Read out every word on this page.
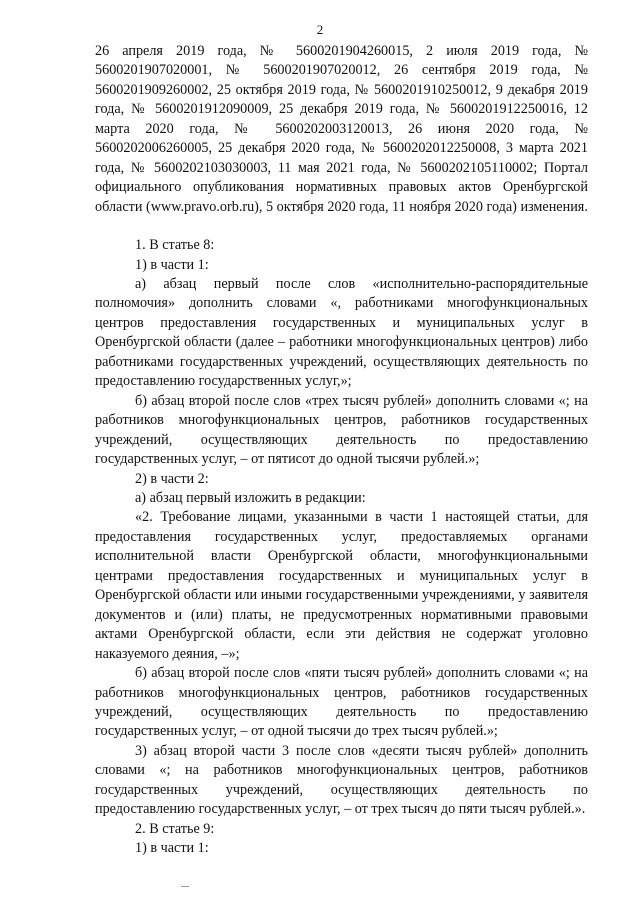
2

26 апреля 2019 года, № 5600201904260015, 2 июля 2019 года, № 5600201907020001, № 5600201907020012, 26 сентября 2019 года, № 5600201909260002, 25 октября 2019 года, № 5600201910250012, 9 декабря 2019 года, № 5600201912090009, 25 декабря 2019 года, № 5600201912250016, 12 марта 2020 года, № 5600202003120013, 26 июня 2020 года, № 5600202006260005, 25 декабря 2020 года, № 5600202012250008, 3 марта 2021 года, № 5600202103030003, 11 мая 2021 года, № 5600202105110002; Портал официального опубликования нормативных правовых актов Оренбургской области (www.pravo.orb.ru), 5 октября 2020 года, 11 ноября 2020 года) изменения.

1. В статье 8:

1) в части 1:

а) абзац первый после слов «исполнительно-распорядительные полномочия» дополнить словами «, работниками многофункциональных центров предоставления государственных и муниципальных услуг в Оренбургской области (далее – работники многофункциональных центров) либо работниками государственных учреждений, осуществляющих деятельность по предоставлению государственных услуг,»;

б) абзац второй после слов «трех тысяч рублей» дополнить словами «; на работников многофункциональных центров, работников государственных учреждений, осуществляющих деятельность по предоставлению государственных услуг, – от пятисот до одной тысячи рублей.»;

2) в части 2:

а) абзац первый изложить в редакции:

«2. Требование лицами, указанными в части 1 настоящей статьи, для предоставления государственных услуг, предоставляемых органами исполнительной власти Оренбургской области, многофункциональными центрами предоставления государственных и муниципальных услуг в Оренбургской области или иными государственными учреждениями, у заявителя документов и (или) платы, не предусмотренных нормативными правовыми актами Оренбургской области, если эти действия не содержат уголовно наказуемого деяния, –»;

б) абзац второй после слов «пяти тысяч рублей» дополнить словами «; на работников многофункциональных центров, работников государственных учреждений, осуществляющих деятельность по предоставлению государственных услуг, – от одной тысячи до трех тысяч рублей.»;

3) абзац второй части 3 после слов «десяти тысяч рублей» дополнить словами «; на работников многофункциональных центров, работников государственных учреждений, осуществляющих деятельность по предоставлению государственных услуг, – от трех тысяч до пяти тысяч рублей.».

2. В статье 9:

1) в части 1:
